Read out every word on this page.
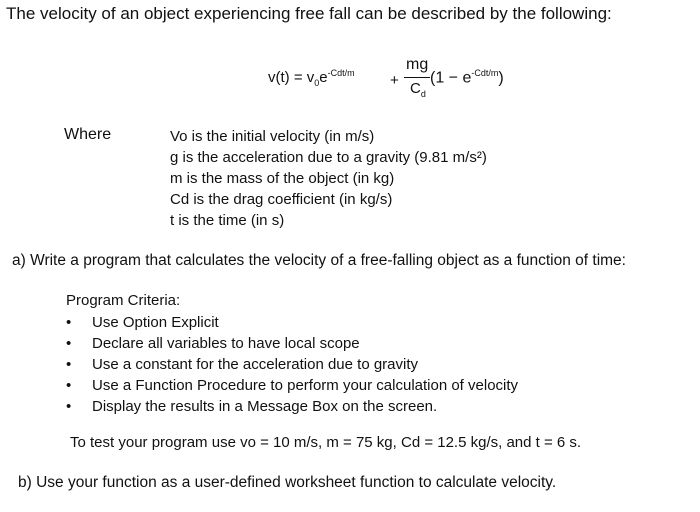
The velocity of an object experiencing free fall can be described by the following:
$v(t) = v_0e^{-Cdt/m}$ +
mg
$C_d$
$(1 - e^{-Cdt/m})$
Where	Vo is the initial velocity (in m/s)
g is the acceleration due to a gravity (9.81 m/s²)
m is the mass of the object (in kg)
Cd is the drag coefficient (in kg/s)
t is the time (in s)
a) Write a program that calculates the velocity of a free-falling object as a function of time:
Program Criteria:
• Use Option Explicit
• Declare all variables to have local scope
• Use a constant for the acceleration due to gravity
• Use a Function Procedure to perform your calculation of velocity
• Display the results in a Message Box on the screen.
To test your program use vo = 10 m/s, m = 75 kg, Cd = 12.5 kg/s, and t = 6 s.
b) Use your function as a user-defined worksheet function to calculate velocity.
